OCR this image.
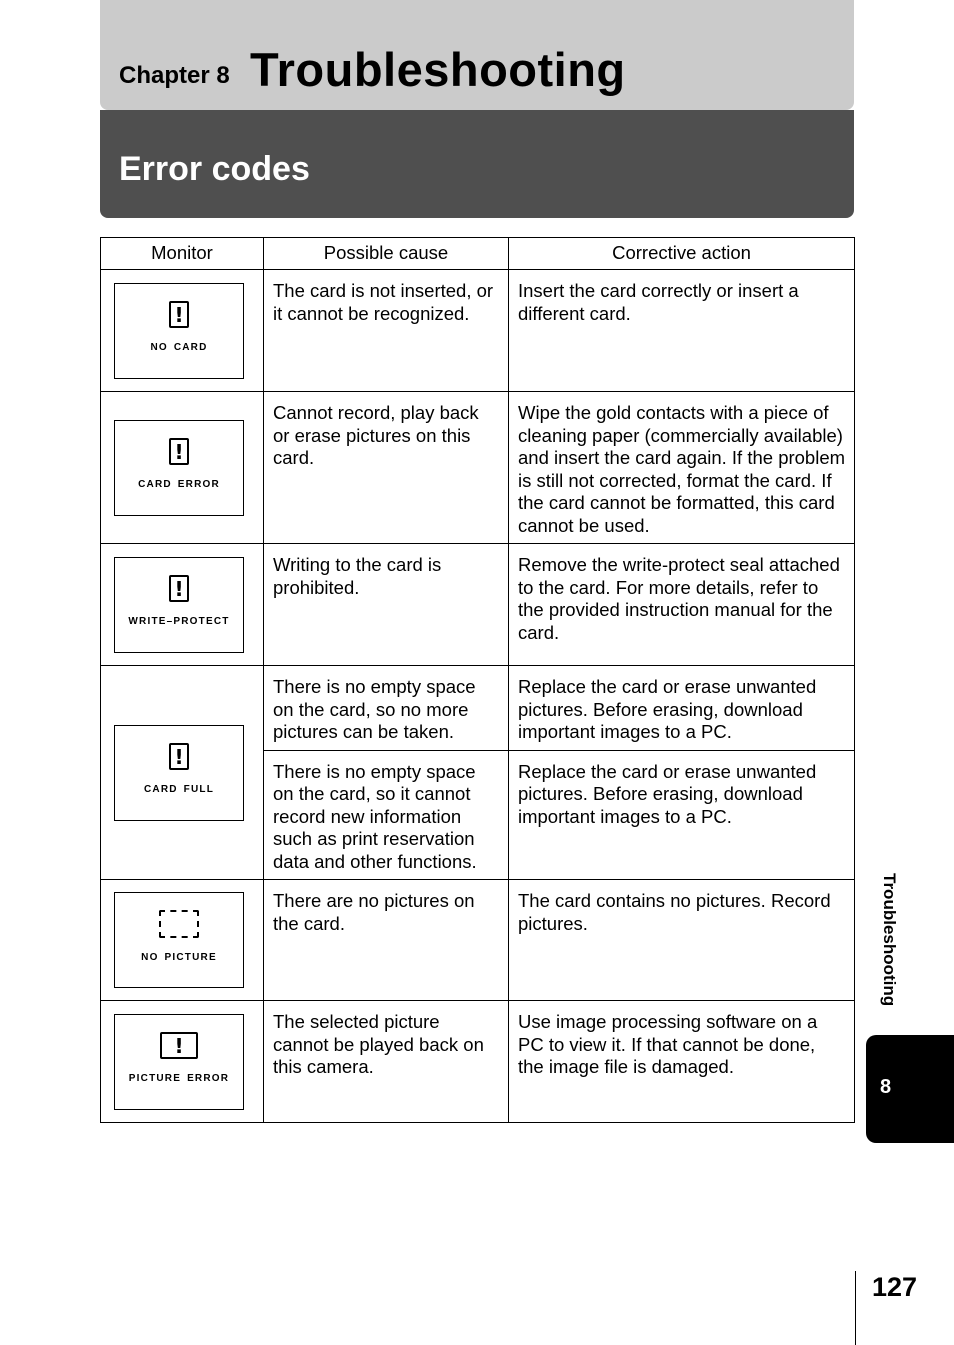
Chapter 8 Troubleshooting
Error codes
Monitor	Possible cause	Corrective action

!
NO CARD	The card is not inserted, or it cannot be recognized.	Insert the card correctly or insert a different card.

!
CARD ERROR	Cannot record, play back or erase pictures on this card.	Wipe the gold contacts with a piece of cleaning paper (commercially available) and insert the card again. If the problem is still not corrected, format the card. If the card cannot be formatted, this card cannot be used.

!
WRITE–PROTECT	Writing to the card is prohibited.	Remove the write-protect seal attached to the card. For more details, refer to the provided instruction manual for the card.

!
CARD FULL	There is no empty space on the card, so no more pictures can be taken.	Replace the card or erase unwanted pictures. Before erasing, download important images to a PC.
	There is no empty space on the card, so it cannot record new information such as print reservation data and other functions.	Replace the card or erase unwanted pictures. Before erasing, download important images to a PC.

NO PICTURE	There are no pictures on the card.	The card contains no pictures. Record pictures.

!
PICTURE ERROR	The selected picture cannot be played back on this camera.	Use image processing software on a PC to view it. If that cannot be done, the image file is damaged.
Troubleshooting
8
127
